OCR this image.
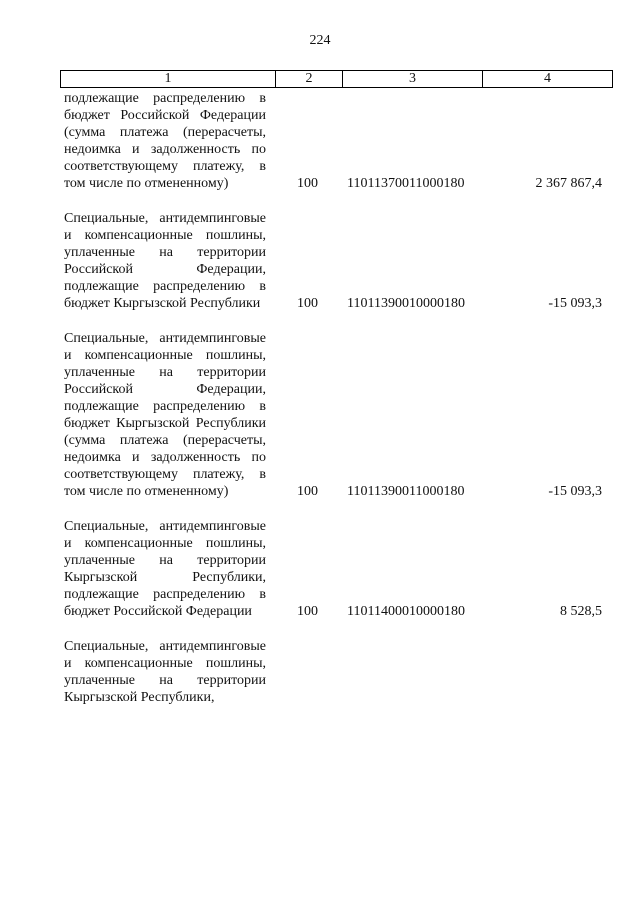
224
1	2	3	4
подлежащие распределению в бюджет Российской Федерации (сумма платежа (перерасчеты, недоимка и задолженность по соответствующему платежу, в том числе по отмененному)	100 11011370011000180	2 367 867,4
Специальные, антидемпинговые и компенсационные пошлины, уплаченные на территории Российской Федерации, подлежащие распределению в бюджет Кыргызской Республики	100 11011390010000180	-15 093,3
Специальные, антидемпинговые и компенсационные пошлины, уплаченные на территории Российской Федерации, подлежащие распределению в бюджет Кыргызской Республики (сумма платежа (перерасчеты, недоимка и задолженность по соответствующему платежу, в том числе по отмененному)	100 11011390011000180	-15 093,3
Специальные, антидемпинговые и компенсационные пошлины, уплаченные на территории Кыргызской Республики, подлежащие распределению в бюджет Российской Федерации	100 11011400010000180	8 528,5
Специальные, антидемпинговые и компенсационные пошлины, уплаченные на территории Кыргызской Республики,
